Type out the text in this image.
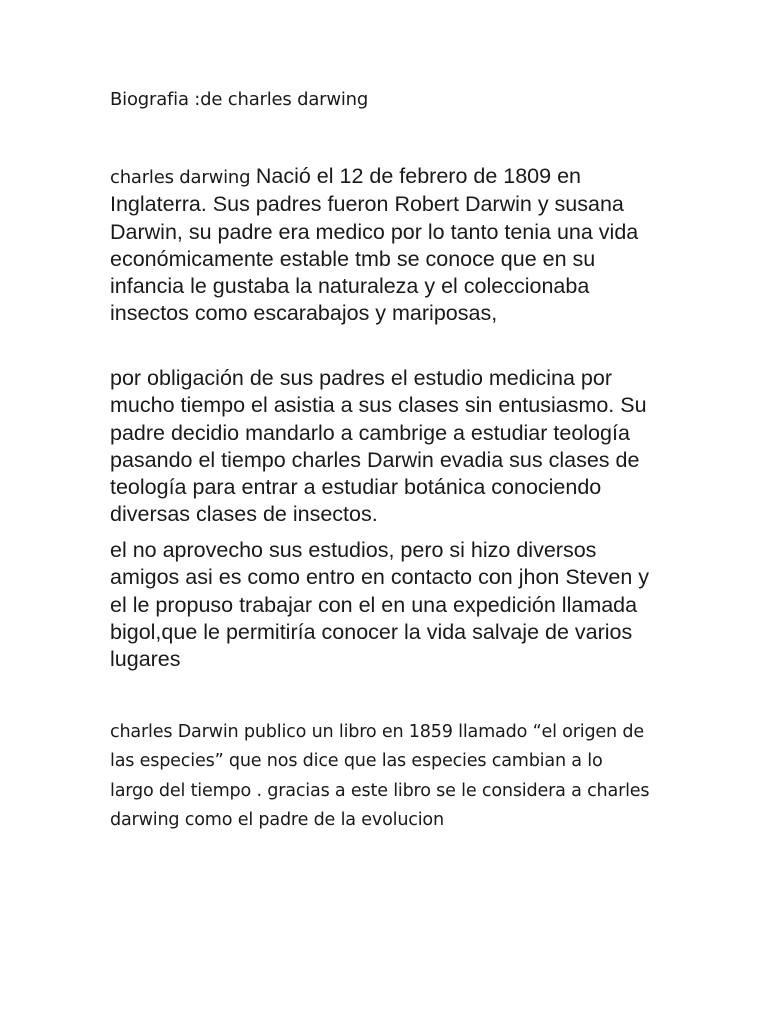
Biografia :de charles darwing

charles darwing Nació el 12 de febrero de 1809 en Inglaterra. Sus padres fueron Robert Darwin y susana Darwin, su padre era medico por lo tanto tenia una vida económicamente estable tmb se conoce que en su infancia le gustaba la naturaleza y el coleccionaba insectos como escarabajos y mariposas,

por obligación de sus padres el estudio medicina por mucho tiempo el asistia a sus clases sin entusiasmo. Su padre decidio mandarlo a cambrige a estudiar teología pasando el tiempo charles Darwin evadia sus clases de teología para entrar a estudiar botánica conociendo diversas clases de insectos.

el no aprovecho sus estudios, pero si hizo diversos amigos asi es como entro en contacto con jhon Steven y el le propuso trabajar con el en una expedición llamada bigol,que le permitiría conocer la vida salvaje de varios lugares

charles Darwin publico un libro en 1859 llamado “el origen de las especies” que nos dice que las especies cambian a lo largo del tiempo . gracias a este libro se le considera a charles darwing como el padre de la evolucion
